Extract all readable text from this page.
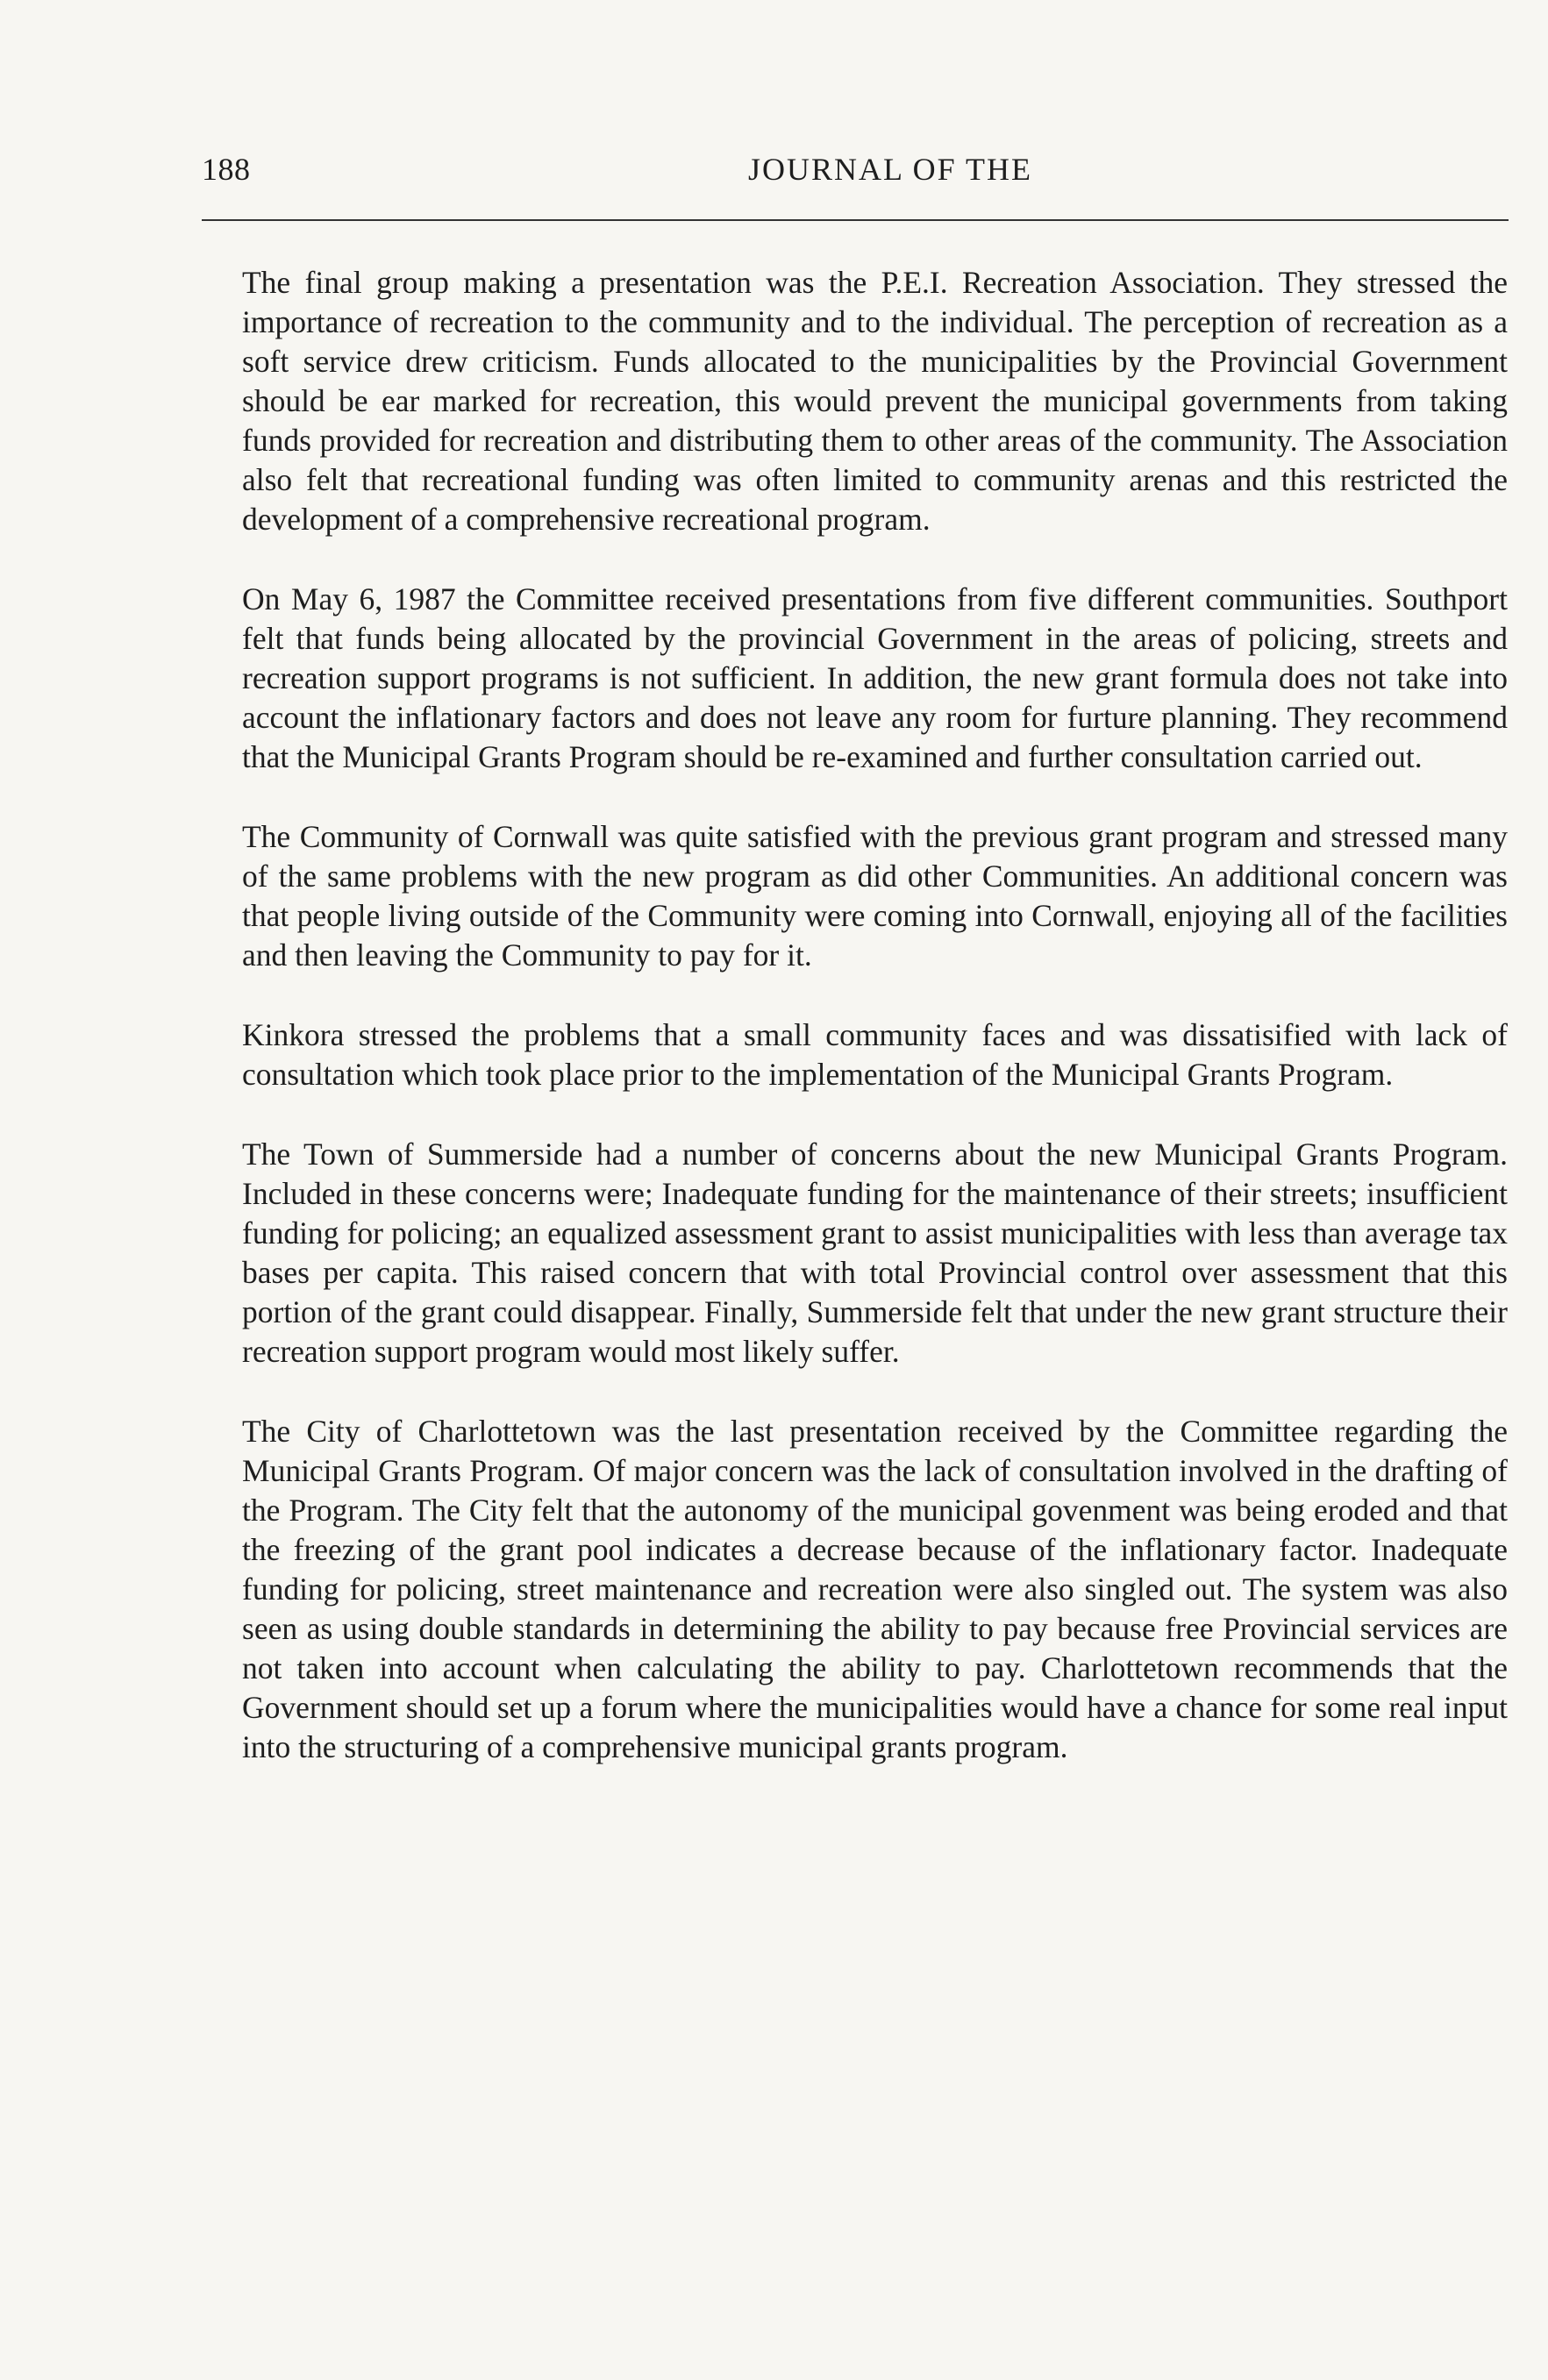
188	JOURNAL OF THE

The final group making a presentation was the P.E.I. Recreation Association. They stressed the importance of recreation to the community and to the individual. The perception of recreation as a soft service drew criticism. Funds allocated to the municipalities by the Provincial Government should be ear marked for recreation, this would prevent the municipal governments from taking funds provided for recreation and distributing them to other areas of the community. The Association also felt that recreational funding was often limited to community arenas and this restricted the development of a comprehensive recreational program.

On May 6, 1987 the Committee received presentations from five different communities. Southport felt that funds being allocated by the provincial Government in the areas of policing, streets and recreation support programs is not sufficient. In addition, the new grant formula does not take into account the inflationary factors and does not leave any room for furture planning. They recommend that the Municipal Grants Program should be re-examined and further consultation carried out.

The Community of Cornwall was quite satisfied with the previous grant program and stressed many of the same problems with the new program as did other Communities. An additional concern was that people living outside of the Community were coming into Cornwall, enjoying all of the facilities and then leaving the Community to pay for it.

Kinkora stressed the problems that a small community faces and was dissatisified with lack of consultation which took place prior to the implementation of the Municipal Grants Program.

The Town of Summerside had a number of concerns about the new Municipal Grants Program. Included in these concerns were; Inadequate funding for the maintenance of their streets; insufficient funding for policing; an equalized assessment grant to assist municipalities with less than average tax bases per capita. This raised concern that with total Provincial control over assessment that this portion of the grant could disappear. Finally, Summerside felt that under the new grant structure their recreation support program would most likely suffer.

The City of Charlottetown was the last presentation received by the Committee regarding the Municipal Grants Program. Of major concern was the lack of consultation involved in the drafting of the Program. The City felt that the autonomy of the municipal govenment was being eroded and that the freezing of the grant pool indicates a decrease because of the inflationary factor. Inadequate funding for policing, street maintenance and recreation were also singled out. The system was also seen as using double standards in determining the ability to pay because free Provincial services are not taken into account when calculating the ability to pay. Charlottetown recommends that the Government should set up a forum where the municipalities would have a chance for some real input into the structuring of a comprehensive municipal grants program.
